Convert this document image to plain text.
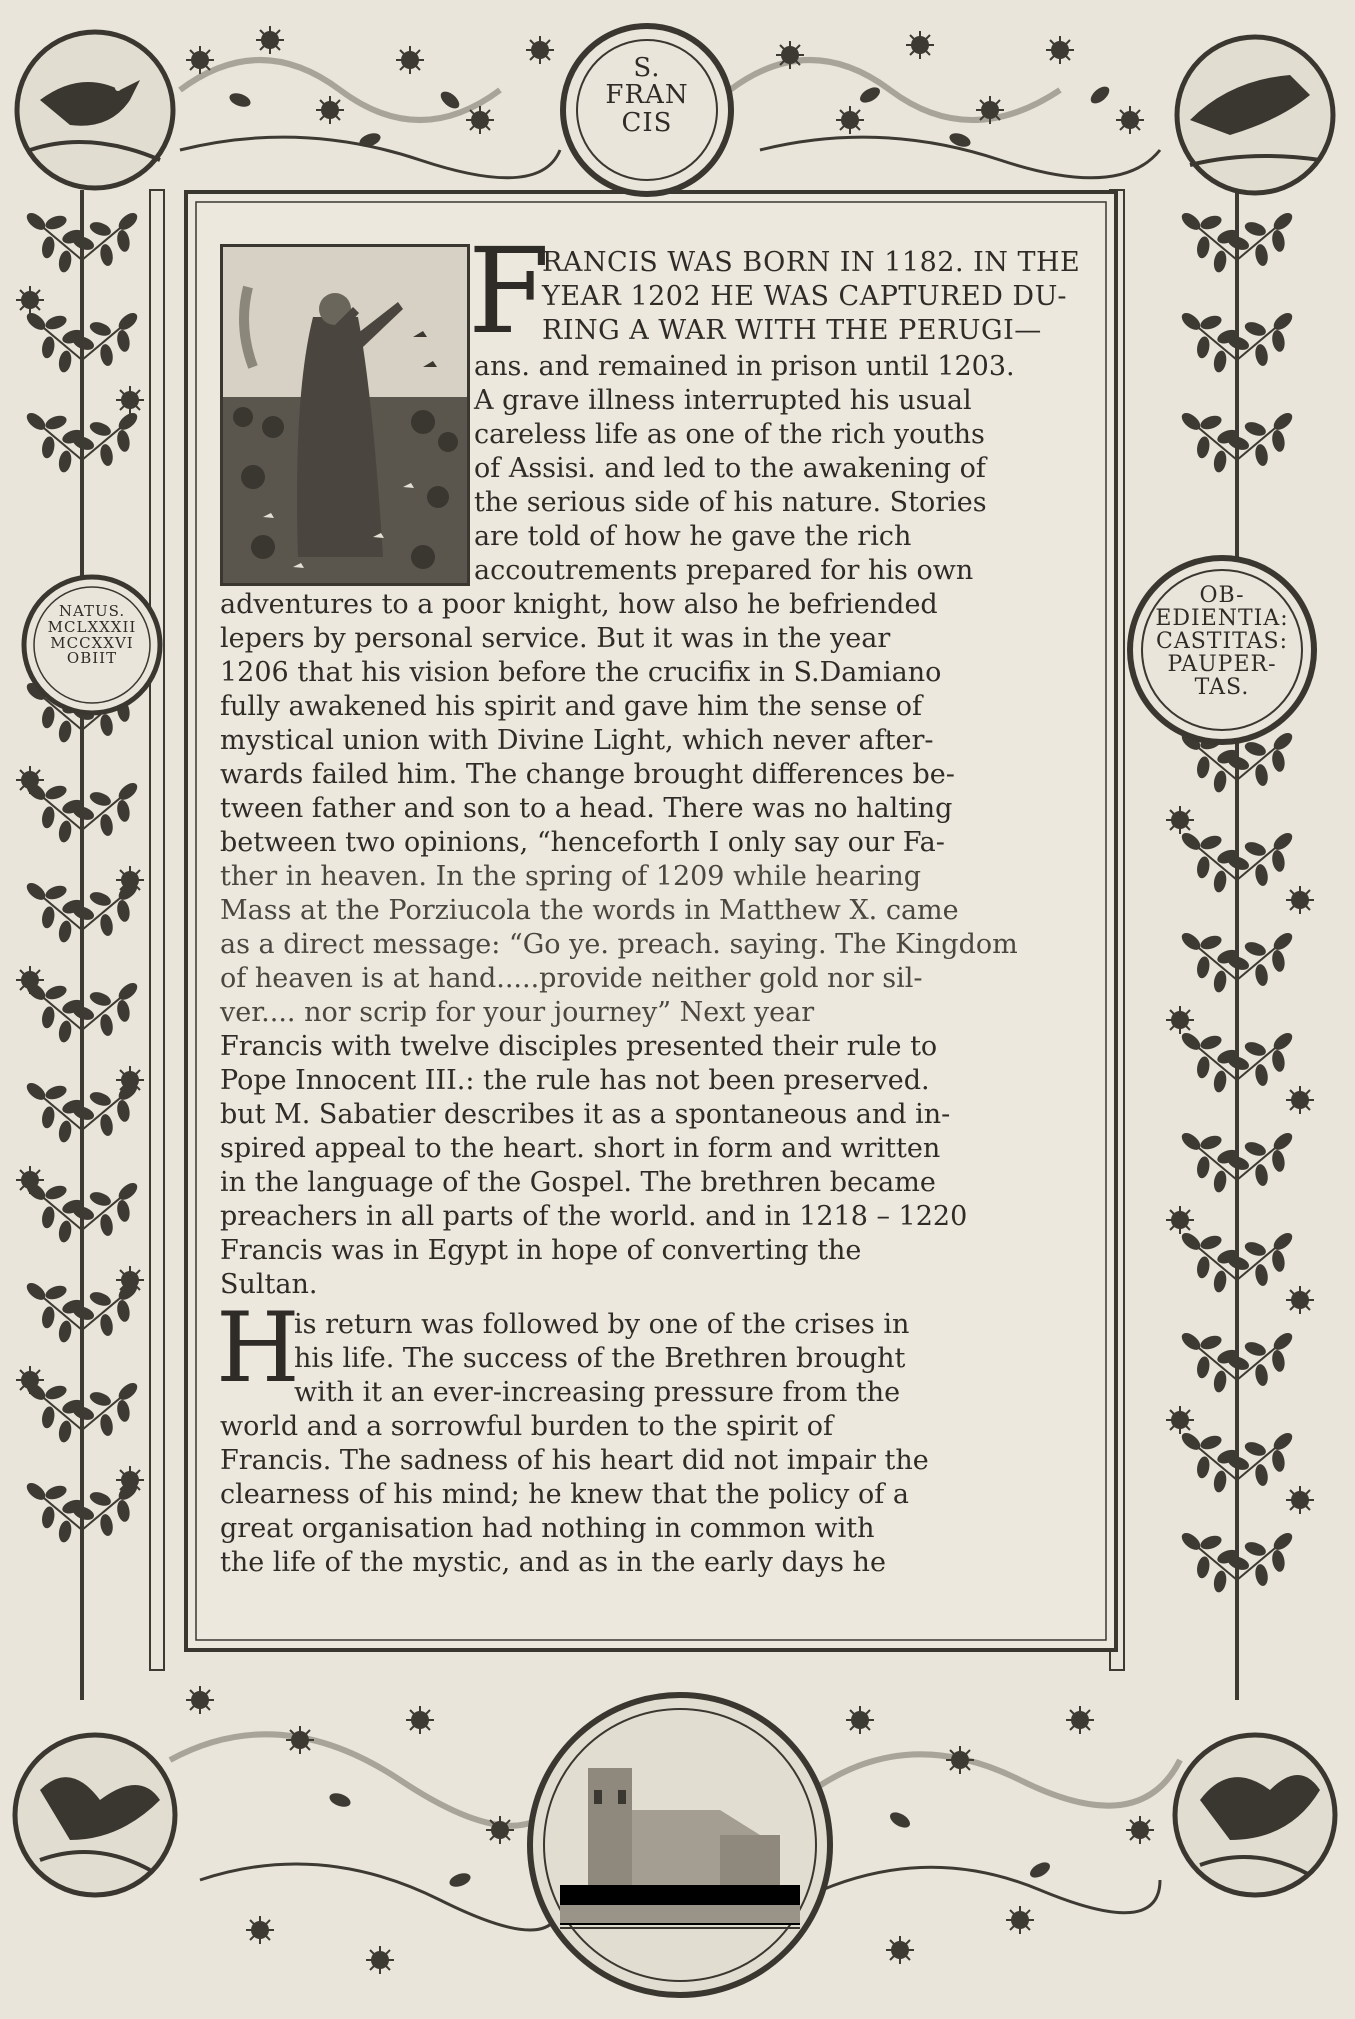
S.
FRAN
CIS
NATUS.
MCLXXXII
MCCXXVI
OBIIT
OB-
EDIENTIA:
CASTITAS:
PAUPER-
TAS.
F
RANCIS WAS BORN IN 1182. IN THE
YEAR 1202 HE WAS CAPTURED DU-
RING A WAR WITH THE PERUGI—
ans. and remained in prison until 1203.
A grave illness interrupted his usual
careless life as one of the rich youths
of Assisi. and led to the awakening of
the serious side of his nature. Stories
are told of how he gave the rich
accoutrements prepared for his own
adventures to a poor knight, how also he befriended
lepers by personal service. But it was in the year
1206 that his vision before the crucifix in S.Damiano
fully awakened his spirit and gave him the sense of
mystical union with Divine Light, which never after-
wards failed him. The change brought differences be-
tween father and son to a head. There was no halting
between two opinions, “henceforth I only say our Fa-
ther in heaven. In the spring of 1209 while hearing
Mass at the Porziucola the words in Matthew X. came
as a direct message: “Go ye. preach. saying. The Kingdom
of heaven is at hand.....provide neither gold nor sil-
ver.... nor scrip for your journey” Next year
Francis with twelve disciples presented their rule to
Pope Innocent III.: the rule has not been preserved.
but M. Sabatier describes it as a spontaneous and in-
spired appeal to the heart. short in form and written
in the language of the Gospel. The brethren became
preachers in all parts of the world. and in 1218 – 1220
Francis was in Egypt in hope of converting the
Sultan.
H
is return was followed by one of the crises in
his life. The success of the Brethren brought
with it an ever-increasing pressure from the
world and a sorrowful burden to the spirit of
Francis. The sadness of his heart did not impair the
clearness of his mind; he knew that the policy of a
great organisation had nothing in common with
the life of the mystic, and as in the early days he
